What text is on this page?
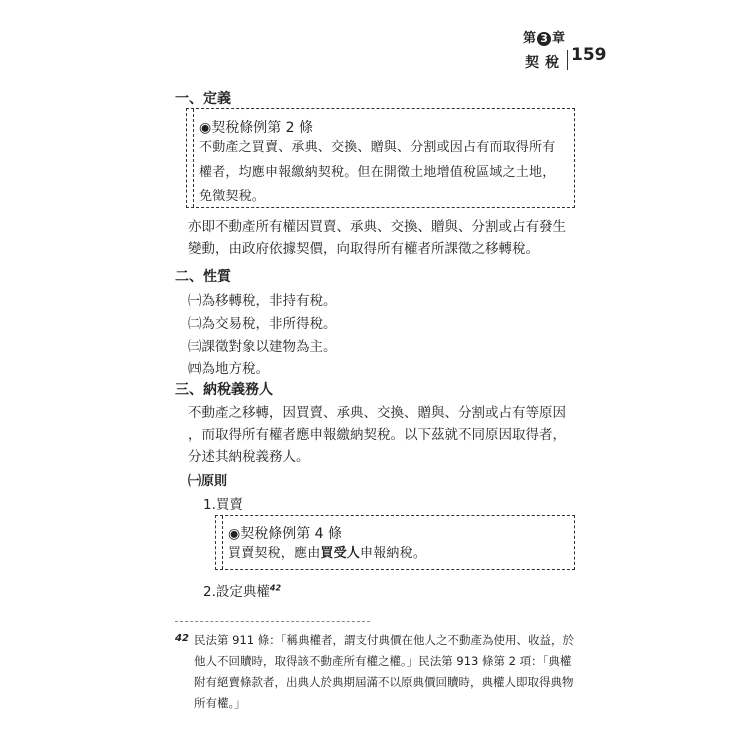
第 3 章
契稅 159
一、定義
◉契稅條例第 2 條
不動產之買賣、承典、交換、贈與、分割或因占有而取得所有
權者，均應申報繳納契稅。但在開徵土地增值稅區域之土地，
免徵契稅。
亦即不動產所有權因買賣、承典、交換、贈與、分割或占有發生
變動，由政府依據契價，向取得所有權者所課徵之移轉稅。
二、性質
㈠為移轉稅，非持有稅。
㈡為交易稅，非所得稅。
㈢課徵對象以建物為主。
㈣為地方稅。
三、納稅義務人
不動產之移轉，因買賣、承典、交換、贈與、分割或占有等原因
，而取得所有權者應申報繳納契稅。以下茲就不同原因取得者，
分述其納稅義務人。
㈠原則
1.買賣
◉契稅條例第 4 條
買賣契稅，應由買受人申報納稅。
2.設定典權$^{42}$
42 民法第 911 條：「稱典權者，謂支付典價在他人之不動產為使用、收益，於
他人不回贖時，取得該不動產所有權之權。」民法第 913 條第 2 項：「典權
附有絕賣條款者，出典人於典期屆滿不以原典價回贖時，典權人即取得典物
所有權。」
